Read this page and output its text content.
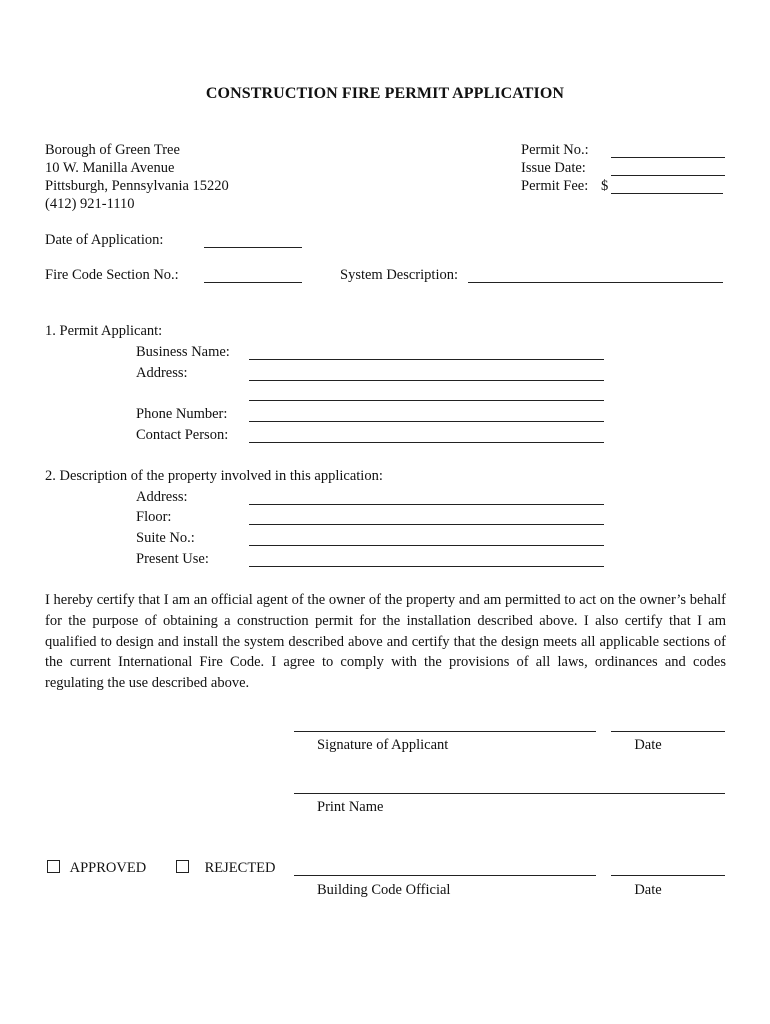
CONSTRUCTION FIRE PERMIT APPLICATION
Borough of Green Tree
10 W. Manilla Avenue
Pittsburgh, Pennsylvania 15220
(412) 921-1110
Permit No.:
Issue Date:
Permit Fee: $
Date of Application:
Fire Code Section No.:	System Description:
1. Permit Applicant:
Business Name:
Address:
Phone Number:
Contact Person:
2. Description of the property involved in this application:
Address:
Floor:
Suite No.:
Present Use:
I hereby certify that I am an official agent of the owner of the property and am permitted to act on the owner’s behalf for the purpose of obtaining a construction permit for the installation described above. I also certify that I am qualified to design and install the system described above and certify that the design meets all applicable sections of the current International Fire Code. I agree to comply with the provisions of all laws, ordinances and codes regulating the use described above.
Signature of Applicant	Date
Print Name
APPROVED	REJECTED
Building Code Official	Date
